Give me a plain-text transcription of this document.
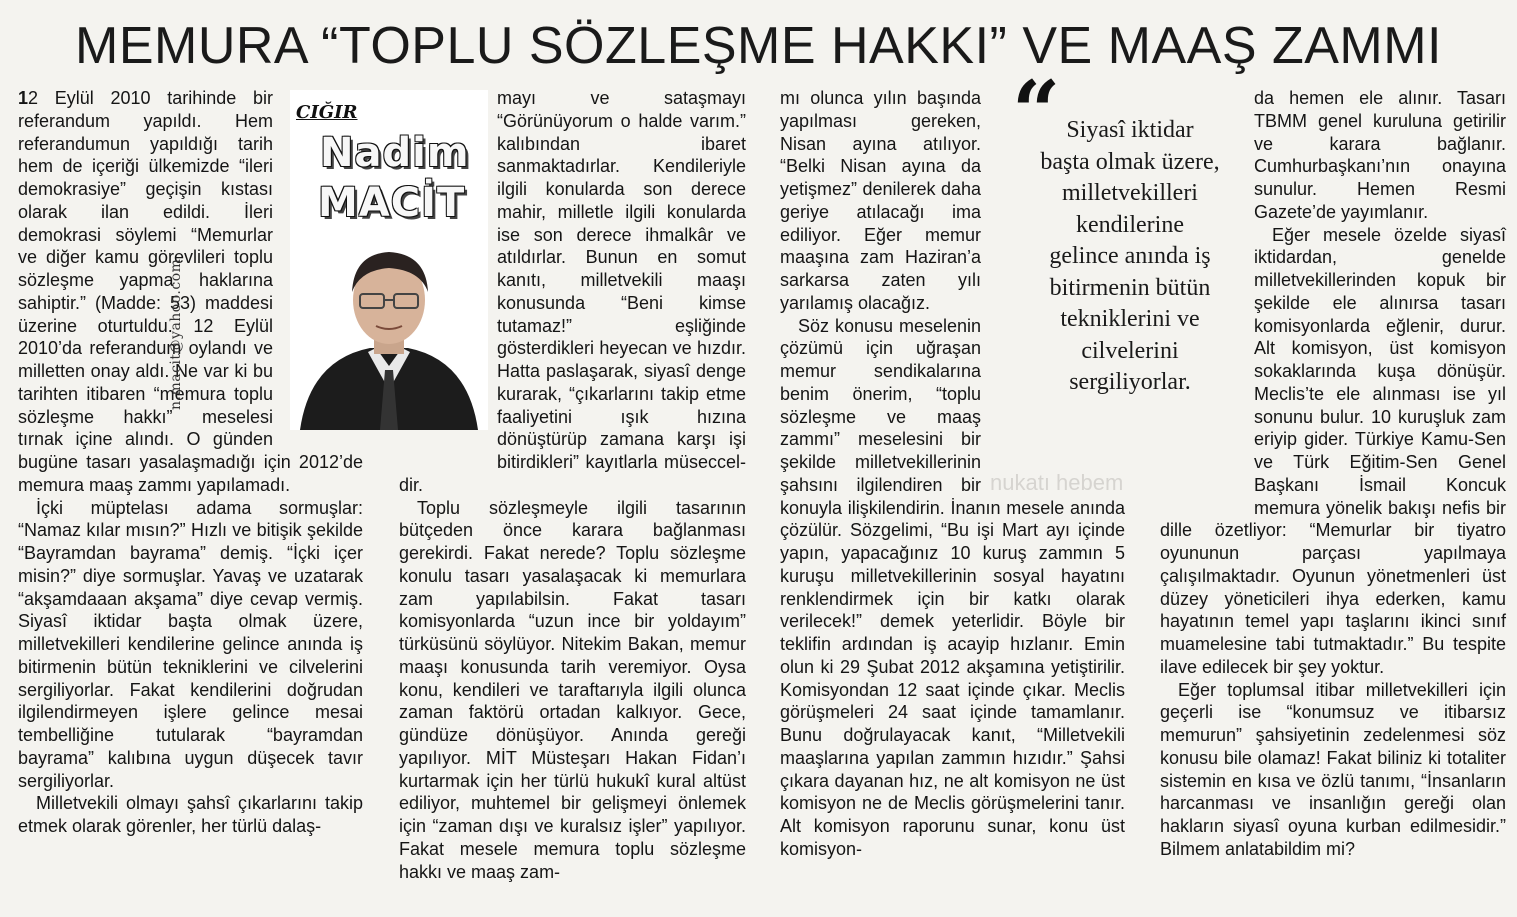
MEMURA “TOPLU SÖZLEŞME HAKKI” VE MAAŞ ZAMMI

12 Eylül 2010 tarihinde bir referandum yapıldı. Hem referandumun yapıldığı tarih hem de içeriği ülkemizde “ileri demokrasiye” geçişin kıstası olarak ilan edildi. İleri demokrasi söylemi “Memurlar ve diğer kamu görevlileri toplu sözleşme yapma haklarına sahiptir.” (Madde: 53) maddesi üzerine oturtuldu. 12 Eylül 2010’da referandum oylandı ve milletten onay aldı. Ne var ki bu tarihten itibaren “memura toplu sözleşme hakkı” meselesi tırnak içine alındı. O günden bugüne tasarı yasalaşmadığı için 2012’de memura maaş zammı yapılamadı.

İçki müptelası adama sormuşlar: “Namaz kılar mısın?” Hızlı ve bitişik şekilde “Bayramdan bayrama” demiş. “İçki içer misin?” diye sormuşlar. Yavaş ve uzatarak “akşamdaaan akşama” diye cevap vermiş. Siyasî iktidar başta olmak üzere, milletvekilleri kendilerine gelince anında iş bitirmenin bütün tekniklerini ve cilvelerini sergiliyorlar. Fakat kendilerini doğrudan ilgilendirmeyen işlere gelince mesai tembelliğine tutularak “bayramdan bayrama” kalıbına uygun düşecek tavır sergiliyorlar.

Milletvekili olmayı şahsî çıkarlarını takip etmek olarak görenler, her türlü dalaş-

mayı ve sataşmayı “Görünüyorum o halde varım.” kalıbından ibaret sanmaktadırlar. Kendileriyle ilgili konularda son derece mahir, milletle ilgili konularda ise son derece ihmalkâr ve atıldırlar. Bunun en somut kanıtı, milletvekili maaşı konusunda “Beni kimse tutamaz!” eşliğinde gösterdikleri heyecan ve hızdır. Hatta paslaşarak, siyasî denge kurarak, “çıkarlarını takip etme faaliyetini ışık hızına dönüştürüp zamana karşı işi bitirdikleri” kayıtlarla müsecceldir.

Toplu sözleşmeyle ilgili tasarının bütçeden önce karara bağlanması gerekirdi. Fakat nerede? Toplu sözleşme konulu tasarı yasalaşacak ki memurlara zam yapılabilsin. Fakat tasarı komisyonlarda “uzun ince bir yoldayım” türküsünü söylüyor. Nitekim Bakan, memur maaşı konusunda tarih veremiyor. Oysa konu, kendileri ve taraftarıyla ilgili olunca zaman faktörü ortadan kalkıyor. Gece, gündüze dönüşüyor. Anında gereği yapılıyor. MİT Müsteşarı Hakan Fidan’ı kurtarmak için her türlü hukukî kural altüst ediliyor, muhtemel bir gelişmeyi önlemek için “zaman dışı ve kuralsız işler” yapılıyor. Fakat mesele memura toplu sözleşme hakkı ve maaş zam-

mı olunca yılın başında yapılması gereken, Nisan ayına atılıyor. “Belki Nisan ayına da yetişmez” denilerek daha geriye atılacağı ima ediliyor. Eğer memur maaşına zam Haziran’a sarkarsa zaten yılı yarılamış olacağız.

Söz konusu meselenin çözümü için uğraşan memur sendikalarına benim önerim, “toplu sözleşme ve maaş zammı” meselesini bir şekilde milletvekillerinin şahsını ilgilendiren bir konuyla ilişkilendirin. İnanın mesele anında çözülür. Sözgelimi, “Bu işi Mart ayı içinde yapın, yapacağınız 10 kuruş zammın 5 kuruşu milletvekillerinin sosyal hayatını renklendirmek için bir katkı olarak verilecek!” demek yeterlidir. Böyle bir teklifin ardından iş acayip hızlanır. Emin olun ki 29 Şubat 2012 akşamına yetiştirilir. Komisyondan 12 saat içinde çıkar. Meclis görüşmeleri 24 saat içinde tamamlanır. Bunu doğrulayacak kanıt, “Milletvekili maaşlarına yapılan zammın hızıdır.” Şahsi çıkara dayanan hız, ne alt komisyon ne üst komisyon ne de Meclis görüşmelerini tanır. Alt komisyon raporunu sunar, konu üst komisyon-

da hemen ele alınır. Tasarı TBMM genel kuruluna getirilir ve karara bağlanır. Cumhurbaşkanı’nın onayına sunulur. Hemen Resmi Gazete’de yayımlanır.

Eğer mesele özelde siyasî iktidardan, genelde milletvekillerinden kopuk bir şekilde ele alınırsa tasarı komisyonlarda eğlenir, durur. Alt komisyon, üst komisyon sokaklarında kuşa dönüşür. Meclis’te ele alınması ise yıl sonunu bulur. 10 kuruşluk zam eriyip gider. Türkiye Kamu-Sen ve Türk Eğitim-Sen Genel Başkanı İsmail Koncuk memura yönelik bakışı nefis bir dille özetliyor: “Memurlar bir tiyatro oyununun parçası yapılmaya çalışılmaktadır. Oyunun yönetmenleri üst düzey yöneticileri ihya ederken, kamu hayatının temel yapı taşlarını ikinci sınıf muamelesine tabi tutmaktadır.” Bu tespite ilave edilecek bir şey yoktur.

Eğer toplumsal itibar milletvekilleri için geçerli ise “konumsuz ve itibarsız memurun” şahsiyetinin zedelenmesi söz konusu bile olamaz! Fakat biliniz ki totaliter sistemin en kısa ve özlü tanımı, “İnsanların harcanması ve insanlığın gereği olan hakların siyasî oyuna kurban edilmesidir.” Bilmem anlatabildim mi?

CIĞIR
Nadim
MACİT
n.macit@yahoo.com
“ Siyasî iktidar başta olmak üzere, milletvekilleri kendilerine gelince anında iş bitirmenin bütün tekniklerini ve cilvelerini sergiliyorlar.
nukatı hebem
